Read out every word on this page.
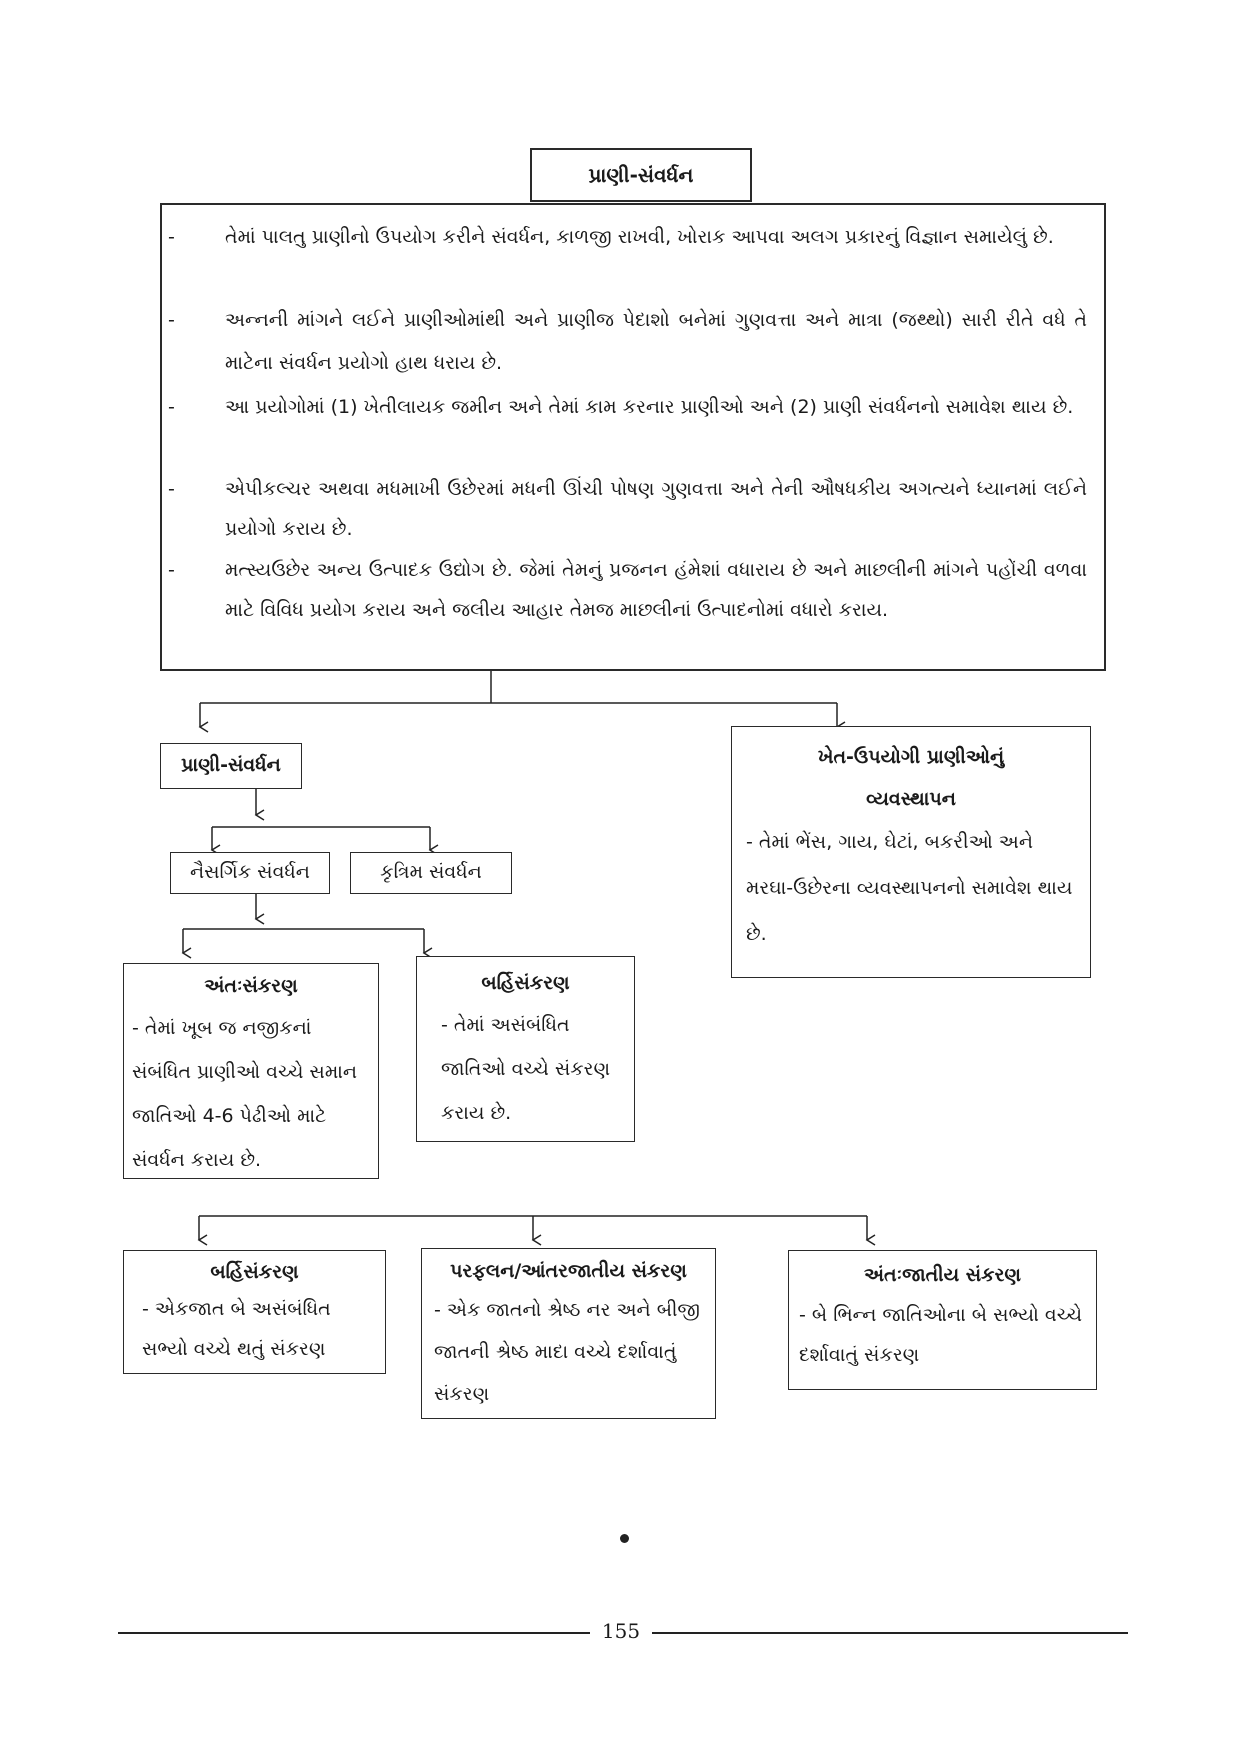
પ્રાણી-સંવર્ધન
-	તેમાં પાલતુ પ્રાણીનો ઉપયોગ કરીને સંવર્ધન, કાળજી રાખવી, ખોરાક આપવા અલગ પ્રકારનું વિજ્ઞાન સમાયેલું છે.
-	અન્નની માંગને લઈને પ્રાણીઓમાંથી અને પ્રાણીજ પેદાશો બનેમાં ગુણવત્તા અને માત્રા (જથ્થો) સારી રીતે વધે તે માટેના સંવર્ધન પ્રયોગો હાથ ધરાય છે.
-	આ પ્રયોગોમાં (1) ખેતીલાયક જમીન અને તેમાં કામ કરનાર પ્રાણીઓ અને (2) પ્રાણી સંવર્ધનનો સમાવેશ થાય છે.
-	એપીકલ્ચર અથવા મધમાખી ઉછેરમાં મધની ઊંચી પોષણ ગુણવત્તા અને તેની ઔષધકીય અગત્યને ધ્યાનમાં લઈને પ્રયોગો કરાય છે.
-	મત્સ્યઉછેર અન્ય ઉત્પાદક ઉદ્યોગ છે. જેમાં તેમનું પ્રજનન હંમેશાં વધારાય છે અને માછલીની માંગને પહોંચી વળવા માટે વિવિધ પ્રયોગ કરાય અને જલીય આહાર તેમજ માછલીનાં ઉત્પાદનોમાં વધારો કરાય.
પ્રાણી-સંવર્ધન
નૈસર્ગિક સંવર્ધન	કૃત્રિમ સંવર્ધન
અંતઃસંકરણ
- તેમાં ખૂબ જ નજીકનાં સંબંધિત પ્રાણીઓ વચ્ચે સમાન જાતિઓ 4-6 પેઢીઓ માટે સંવર્ધન કરાય છે.
બર્હિસંકરણ
- તેમાં અસંબંધિત જાતિઓ વચ્ચે સંકરણ કરાય છે.
ખેત-ઉપયોગી પ્રાણીઓનું
વ્યવસ્થાપન
- તેમાં ભેંસ, ગાય, ઘેટાં, બકરીઓ અને મરઘા-ઉછેરના વ્યવસ્થાપનનો સમાવેશ થાય છે.
બર્હિસંકરણ
- એકજાત બે અસંબંધિત સભ્યો વચ્ચે થતું સંકરણ
પરફલન/આંતરજાતીય સંકરણ
- એક જાતનો શ્રેષ્ઠ નર અને બીજી જાતની શ્રેષ્ઠ માદા વચ્ચે દર્શાવાતું સંકરણ
અંતઃજાતીય સંકરણ
- બે ભિન્ન જાતિઓના બે સભ્યો વચ્ચે દર્શાવાતું સંકરણ
155
